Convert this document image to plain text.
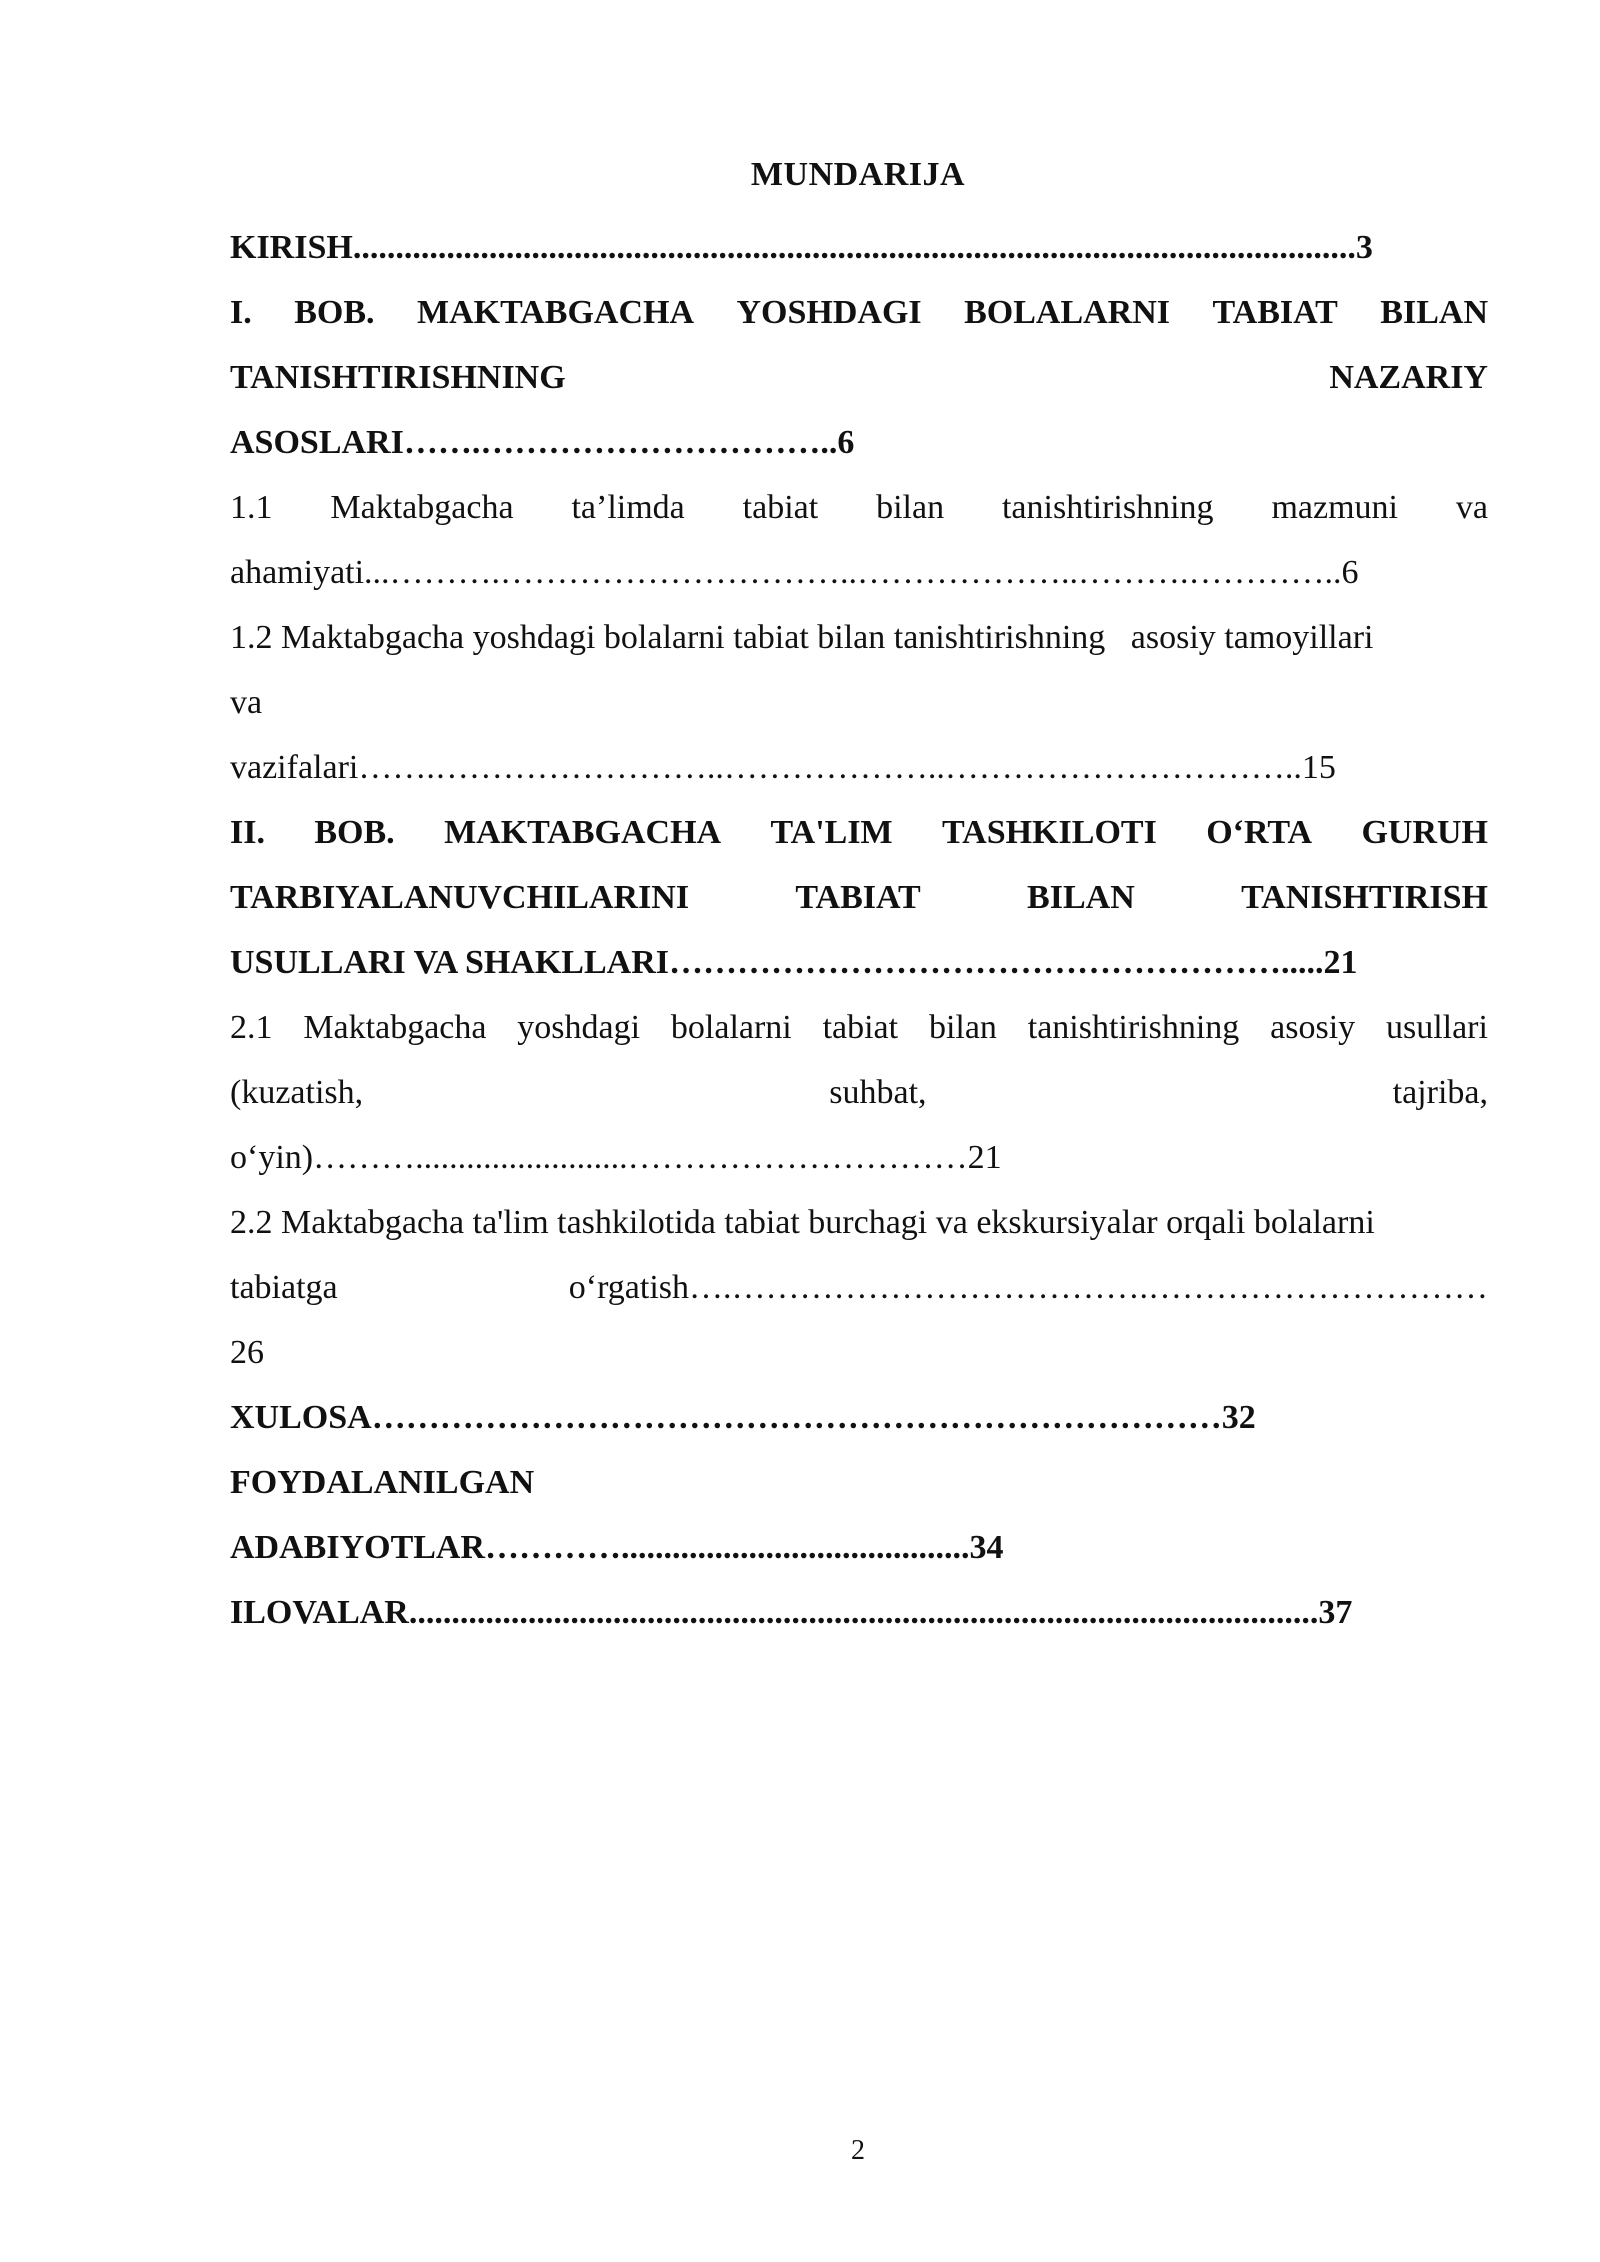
MUNDARIJA
KIRISH......................................................................................................................3
I. BOB. MAKTABGACHA YOSHDAGI BOLALARNI TABIAT BILAN
TANISHTIRISHNING	NAZARIY
ASOSLARI…….…………………………..6
1.1 Maktabgacha ta’limda tabiat bilan tanishtirishning mazmuni va
ahamiyati...……….…………………………..………………..……….…………..6
1.2 Maktabgacha yoshdagi bolalarni tabiat bilan tanishtirishning   asosiy tamoyillari
va
vazifalari…….……………………..………………..…………………………..15
II. BOB. MAKTABGACHA TA'LIM TASHKILOTI O‘RTA GURUH
TARBIYALANUVCHILARINI	TABIAT	BILAN	TANISHTIRISH
USULLARI VA SHAKLLARI……………………………………………….....21
2.1 Maktabgacha yoshdagi bolalarni tabiat bilan tanishtirishning asosiy usullari
(kuzatish,	suhbat,	tajriba,
o‘yin)……….........................…………………………21
2.2 Maktabgacha ta'lim tashkilotida tabiat burchagi va ekskursiyalar orqali bolalarni
tabiatga	o‘rgatish….……………………………….…………………………
26
XULOSA…………………………………………………………………32
FOYDALANILGAN
ADABIYOTLAR………….........................................34
ILOVALAR...........................................................................................................37
2
